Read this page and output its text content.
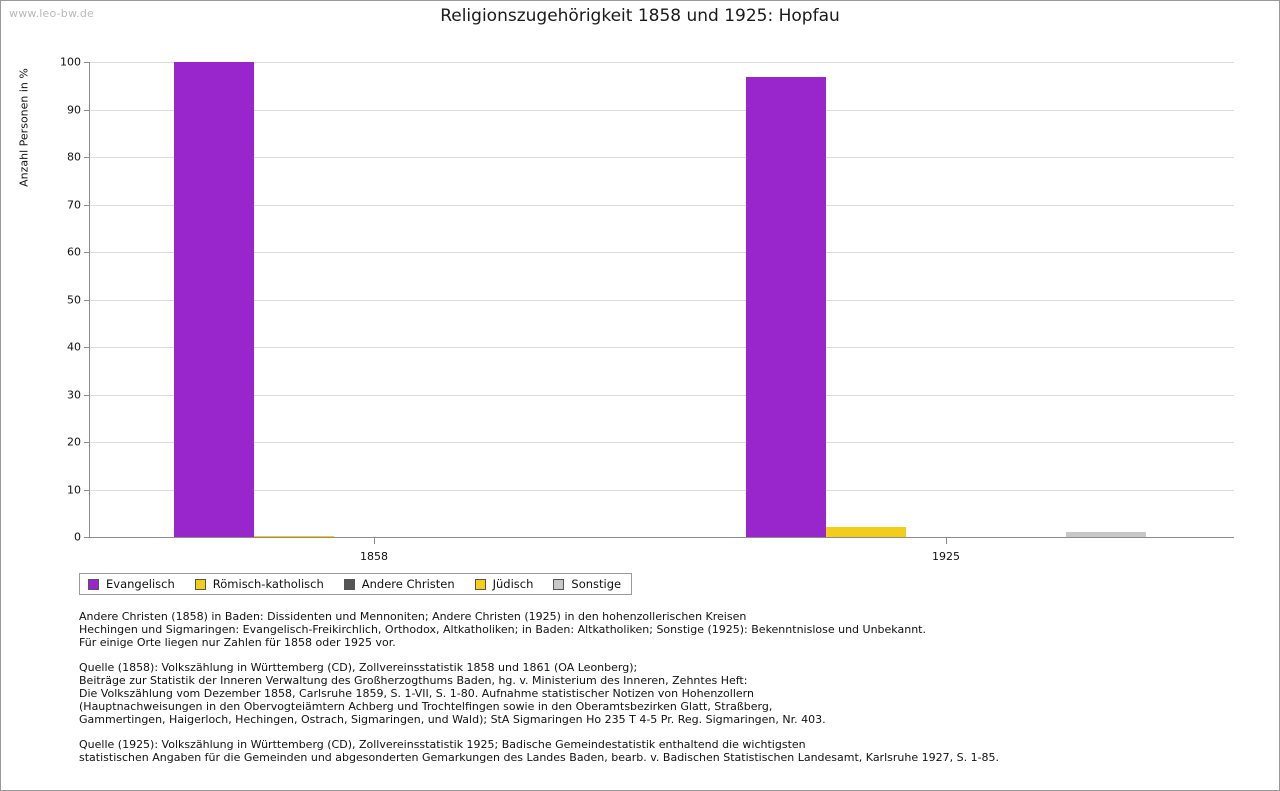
www.leo-bw.de	Religionszugehörigkeit 1858 und 1925: Hopfau
Anzahl Personen in %
0
10
20
30
40
50
60
70
80
90
100
1858	1925
Evangelisch	Römisch-katholisch	Andere Christen	Jüdisch	Sonstige
Andere Christen (1858) in Baden: Dissidenten und Mennoniten; Andere Christen (1925) in den hohenzollerischen Kreisen
Hechingen und Sigmaringen: Evangelisch-Freikirchlich, Orthodox, Altkatholiken; in Baden: Altkatholiken; Sonstige (1925): Bekenntnislose und Unbekannt.
Für einige Orte liegen nur Zahlen für 1858 oder 1925 vor.
Quelle (1858): Volkszählung in Württemberg (CD), Zollvereinsstatistik 1858 und 1861 (OA Leonberg);
Beiträge zur Statistik der Inneren Verwaltung des Großherzogthums Baden, hg. v. Ministerium des Inneren, Zehntes Heft:
Die Volkszählung vom Dezember 1858, Carlsruhe 1859, S. 1-VII, S. 1-80. Aufnahme statistischer Notizen von Hohenzollern
(Hauptnachweisungen in den Obervogteiämtern Achberg und Trochtelfingen sowie in den Oberamtsbezirken Glatt, Straßberg,
Gammertingen, Haigerloch, Hechingen, Ostrach, Sigmaringen, und Wald); StA Sigmaringen Ho 235 T 4-5 Pr. Reg. Sigmaringen, Nr. 403.
Quelle (1925): Volkszählung in Württemberg (CD), Zollvereinsstatistik 1925; Badische Gemeindestatistik enthaltend die wichtigsten
statistischen Angaben für die Gemeinden und abgesonderten Gemarkungen des Landes Baden, bearb. v. Badischen Statistischen Landesamt, Karlsruhe 1927, S. 1-85.
